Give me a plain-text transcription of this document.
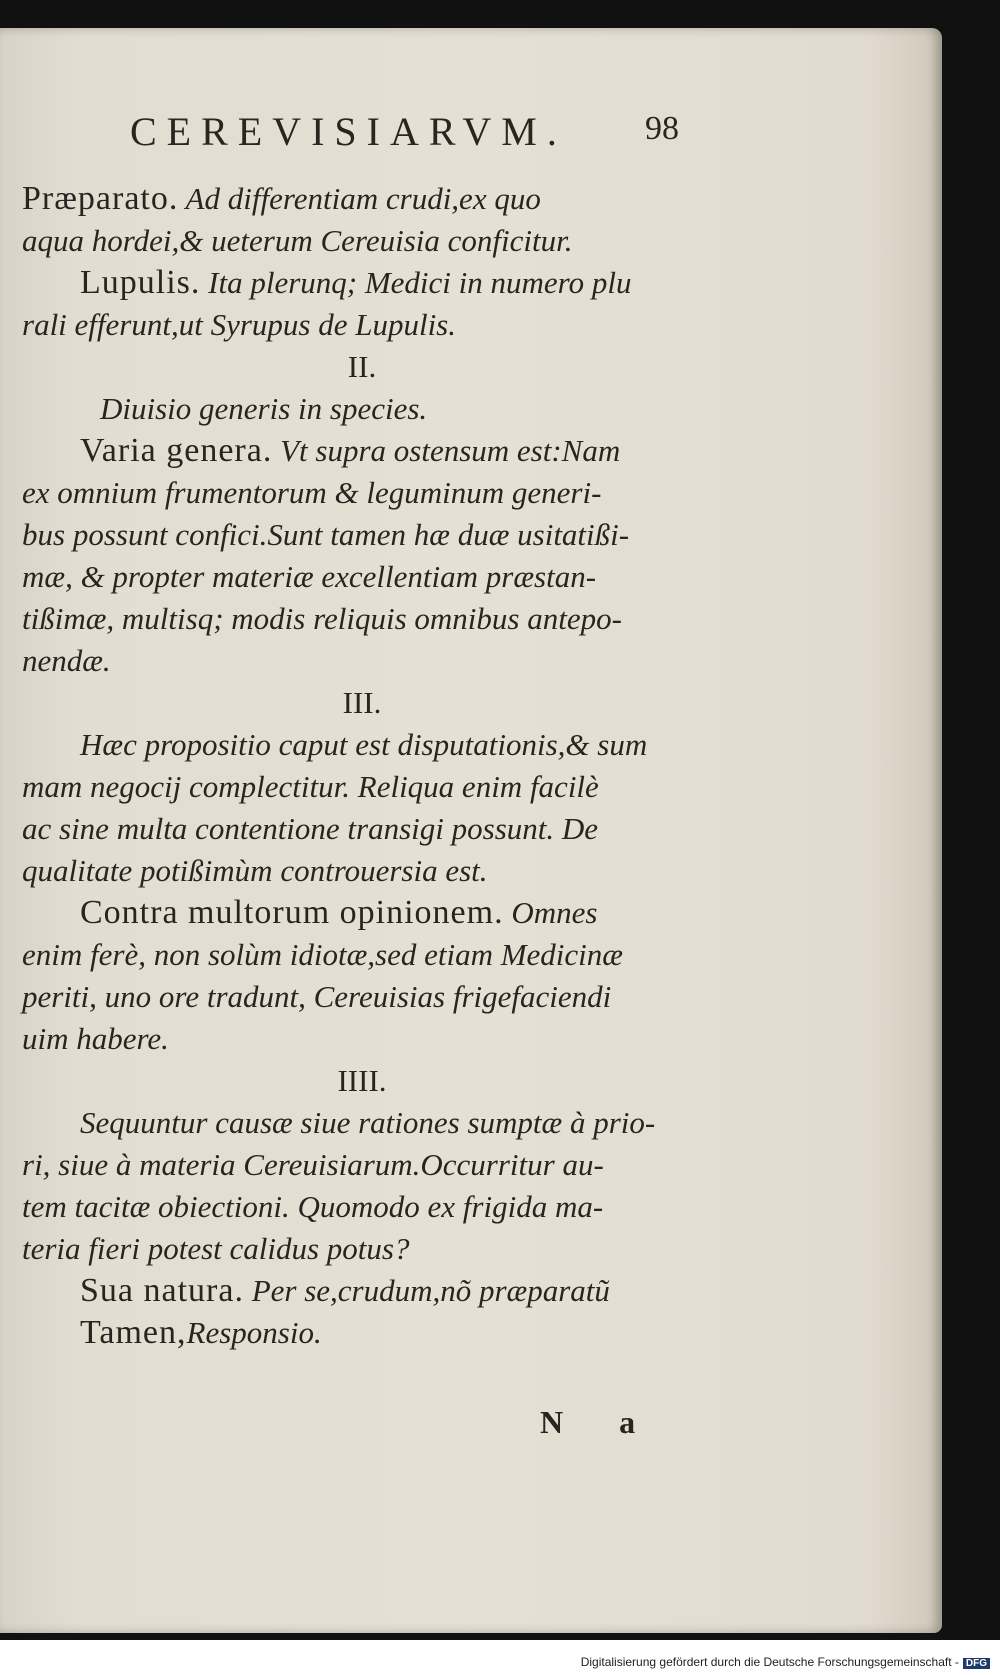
CEREVISIARVM. 98
Præparato. Ad differentiam crudi,ex quo
aqua hordei,& ueterum Cereuisia conficitur.
Lupulis. Ita plerunq; Medici in numero plu
rali efferunt,ut Syrupus de Lupulis.
II.
Diuisio generis in species.
Varia genera. Vt supra ostensum est:Nam
ex omnium frumentorum & leguminum generi-
bus possunt confici.Sunt tamen hæ duæ usitatißi-
mæ, & propter materiæ excellentiam præstan-
tißimæ, multisq; modis reliquis omnibus antepo-
nendæ.
III.
Hæc propositio caput est disputationis,& sum
mam negocij complectitur. Reliqua enim facilè
ac sine multa contentione transigi possunt. De
qualitate potißimùm controuersia est.
Contra multorum opinionem. Omnes
enim ferè, non solùm idiotæ,sed etiam Medicinæ
periti, uno ore tradunt, Cereuisias frigefaciendi
uim habere.
IIII.
Sequuntur causæ siue rationes sumptæ à prio-
ri, siue à materia Cereuisiarum.Occurritur au-
tem tacitæ obiectioni. Quomodo ex frigida ma-
teria fieri potest calidus potus?
Sua natura. Per se,crudum,nõ præparatũ
Tamen,Responsio.
N a
Digitalisierung gefördert durch die Deutsche Forschungsgemeinschaft - DFG
